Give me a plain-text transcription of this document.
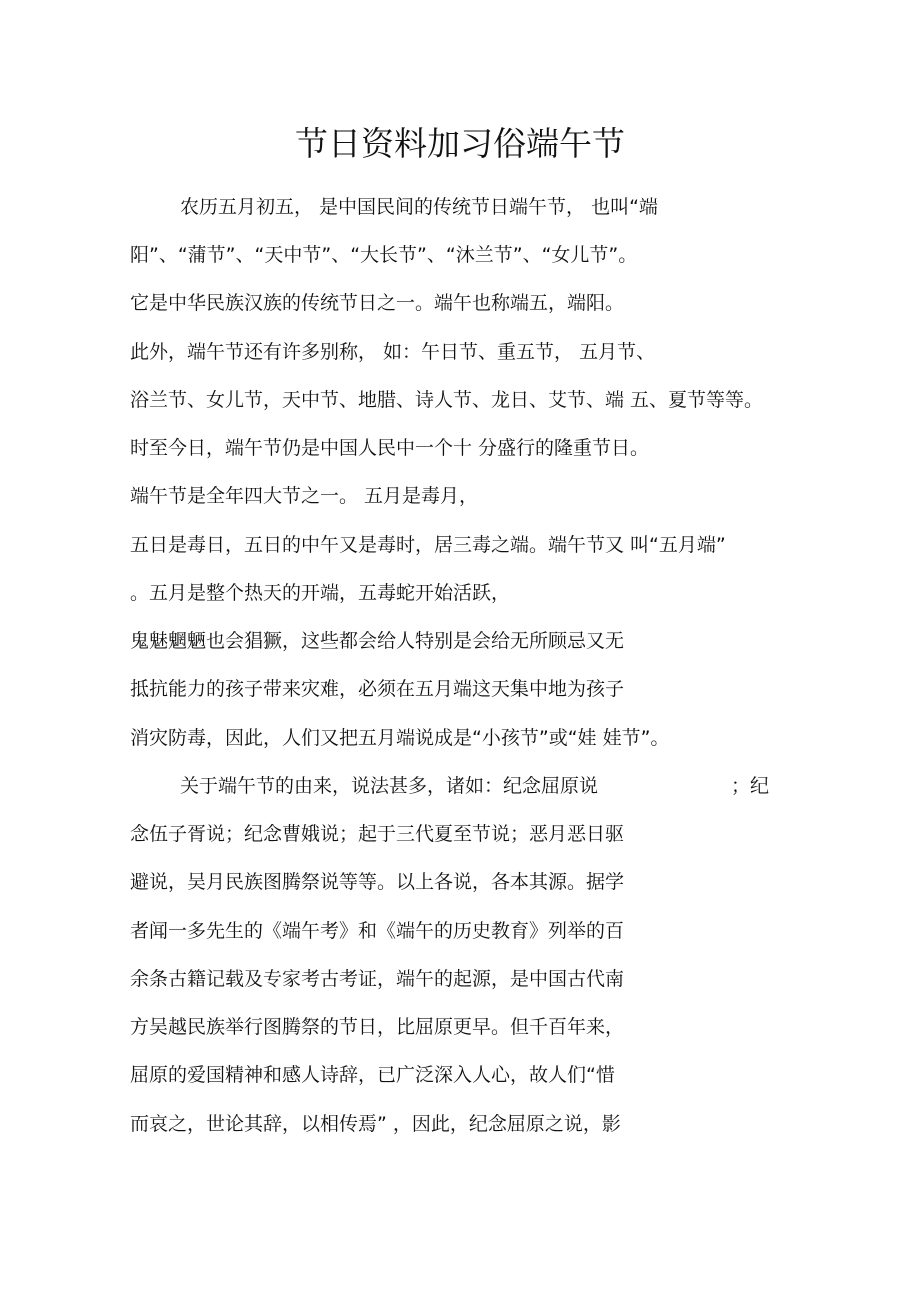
节日资料加习俗端午节
农历五月初五， 是中国民间的传统节日端午节， 也叫“端
阳”、“蒲节”、“天中节”、“大长节”、“沐兰节”、“女儿节”。
它是中华民族汉族的传统节日之一。端午也称端五，端阳。
此外，端午节还有许多别称， 如：午日节、重五节， 五月节、
浴兰节、女儿节，天中节、地腊、诗人节、龙日、艾节、端 五、夏节等等。
时至今日，端午节仍是中国人民中一个十 分盛行的隆重节日。
端午节是全年四大节之一。 五月是毒月，
五日是毒日，五日的中午又是毒时，居三毒之端。端午节又 叫“五月端”
。五月是整个热天的开端，五毒蛇开始活跃，
鬼魅魍魉也会猖獗，这些都会给人特别是会给无所顾忌又无
抵抗能力的孩子带来灾难，必须在五月端这天集中地为孩子
消灾防毒，因此，人们又把五月端说成是“小孩节”或“娃 娃节”。
关于端午节的由来，说法甚多，诸如：纪念屈原说　　　　　　　；纪
念伍子胥说；纪念曹娥说；起于三代夏至节说；恶月恶日驱
避说，吴月民族图腾祭说等等。以上各说，各本其源。据学
者闻一多先生的《端午考》和《端午的历史教育》列举的百
余条古籍记载及专家考古考证，端午的起源，是中国古代南
方吴越民族举行图腾祭的节日，比屈原更早。但千百年来，
屈原的爱国精神和感人诗辞，已广泛深入人心，故人们“惜
而哀之，世论其辞，以相传焉” ，因此，纪念屈原之说，影
